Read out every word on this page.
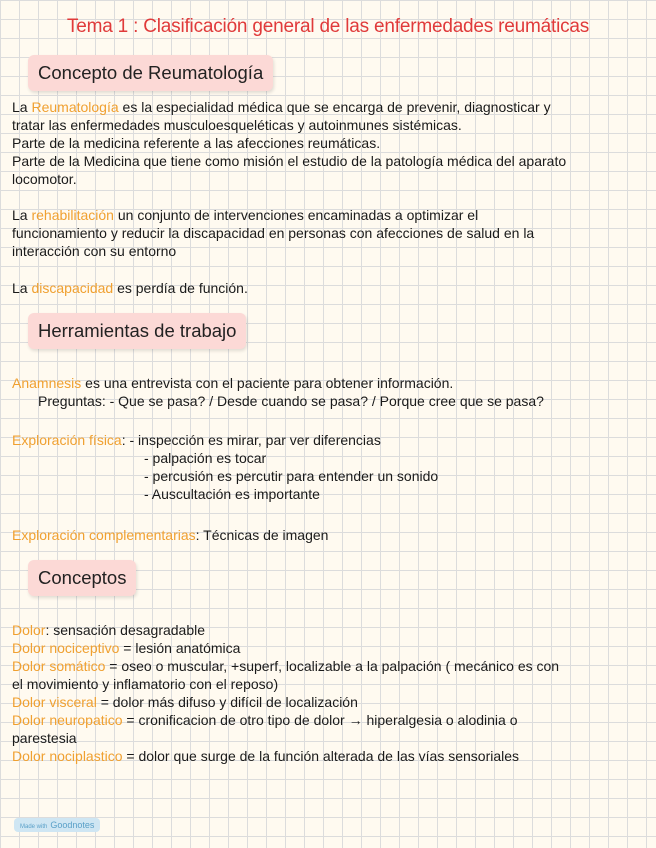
Tema 1 : Clasificación general de las enfermedades reumáticas
Concepto de Reumatología
La Reumatología es la especialidad médica que se encarga de prevenir, diagnosticar y
tratar las enfermedades musculoesqueléticas y autoinmunes sistémicas.
Parte de la medicina referente a las afecciones reumáticas.
Parte de la Medicina que tiene como misión el estudio de la patología médica del aparato
locomotor.
La rehabilitación un conjunto de intervenciones encaminadas a optimizar el
funcionamiento y reducir la discapacidad en personas con afecciones de salud en la
interacción con su entorno
La discapacidad es perdía de función.
Herramientas de trabajo
Anamnesis es una entrevista con el paciente para obtener información.
Preguntas: - Que se pasa? / Desde cuando se pasa? / Porque cree que se pasa?
Exploración física: - inspección es mirar, par ver diferencias
- palpación es tocar
- percusión es percutir para entender un sonido
- Auscultación es importante
Exploración complementarias: Técnicas de imagen
Conceptos
Dolor: sensación desagradable
Dolor nociceptivo = lesión anatómica
Dolor somático = oseo o muscular, +superf, localizable a la palpación ( mecánico es con
el movimiento y inflamatorio con el reposo)
Dolor visceral = dolor más difuso y difícil de localización
Dolor neuropatico = cronificacion de otro tipo de dolor → hiperalgesia o alodinia o
parestesia
Dolor nociplastico = dolor que surge de la función alterada de las vías sensoriales
Made with Goodnotes
